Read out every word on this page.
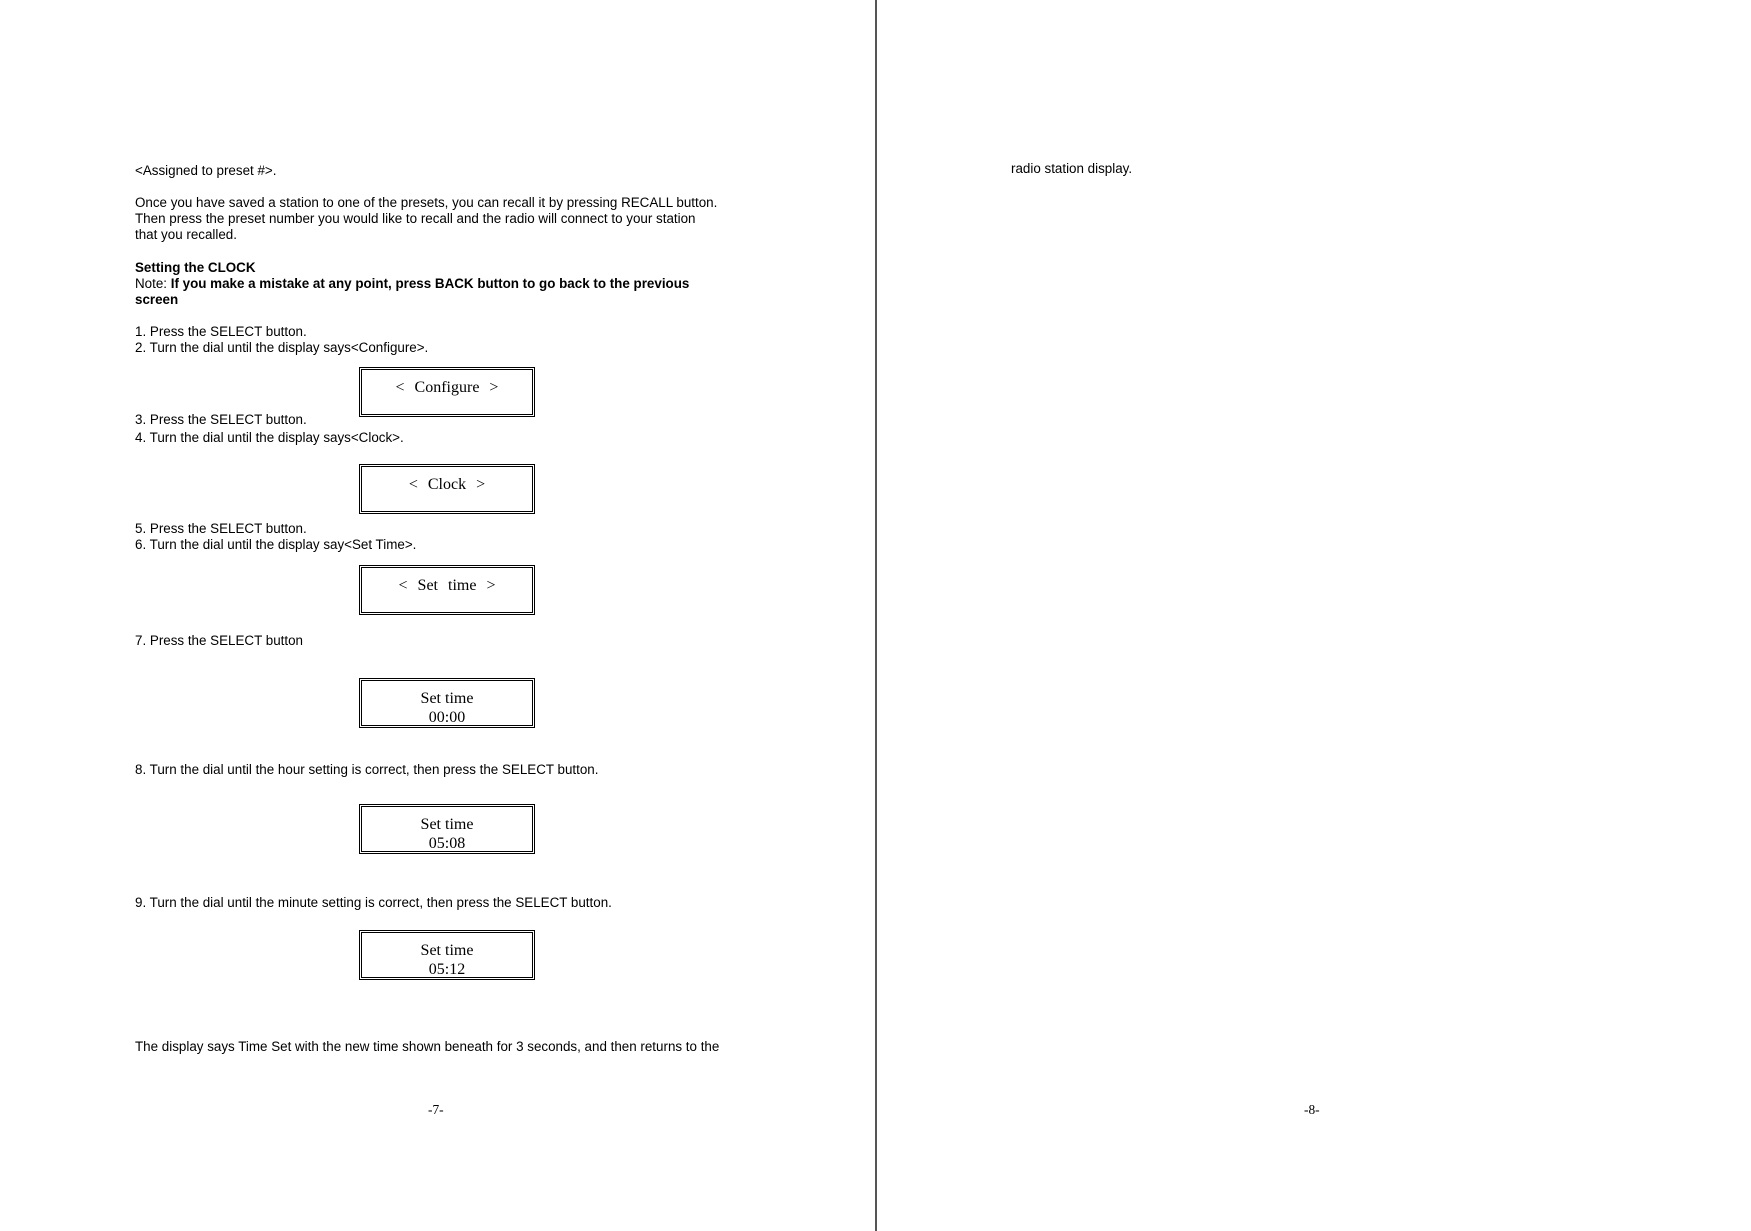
<Assigned to preset #>.
Once you have saved a station to one of the presets, you can recall it by pressing RECALL button.
Then press the preset number you would like to recall and the radio will connect to your station
that you recalled.
Setting the CLOCK
Note: If you make a mistake at any point, press BACK button to go back to the previous
screen
1. Press the SELECT button.
2. Turn the dial until the display says<Configure>.
< Configure >
3. Press the SELECT button.
4. Turn the dial until the display says<Clock>.
< Clock >
5. Press the SELECT button.
6. Turn the dial until the display say<Set Time>.
< Set time >
7. Press the SELECT button
Set time
00:00
8. Turn the dial until the hour setting is correct, then press the SELECT button.
Set time
05:08
9. Turn the dial until the minute setting is correct, then press the SELECT button.
Set time
05:12
The display says Time Set with the new time shown beneath for 3 seconds, and then returns to the
-7-
radio station display.
-8-
